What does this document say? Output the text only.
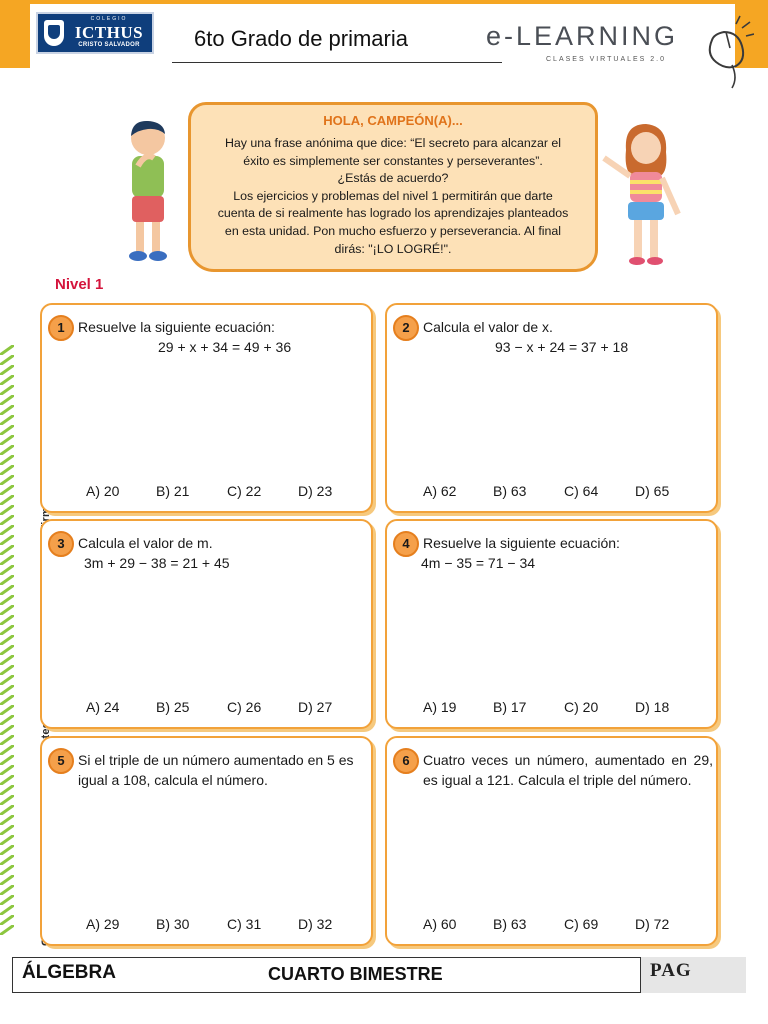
COLEGIO
ICTHUS
CRISTO SALVADOR	6to Grado de primaria	e-LEARNING
CLASES VIRTUALES 2.0
HOLA, CAMPEÓN(A)...
Hay una frase anónima que dice: “El secreto para alcanzar el
éxito es simplemente ser constantes y perseverantes”.
¿Estás de acuerdo?
Los ejercicios y problemas del nivel 1 permitirán que darte
cuenta de si realmente has logrado los aprendizajes planteados
en esta unidad. Pon mucho esfuerzo y perseverancia. Al final
dirás: "¡LO LOGRÉ!".
Nivel 1
1 Resuelve la siguiente ecuación:
29 + x + 34 = 49 + 36
A) 20	B) 21	C) 22	D) 23
2 Calcula el valor de x.
93 − x + 24 = 37 + 18
A) 62	B) 63	C) 64	D) 65
3 Calcula el valor de m.
3m + 29 − 38 = 21 + 45
A) 24	B) 25	C) 26	D) 27
4 Resuelve la siguiente ecuación:
4m − 35 = 71 − 34
A) 19	B) 17	C) 20	D) 18
5 Si el triple de un número aumentado en 5 es igual a 108, calcula el número.
A) 29	B) 30	C) 31	D) 32
6 Cuatro veces un número, aumentado en 29, es igual a 121. Calcula el triple del número.
A) 60	B) 63	C) 69	D) 72
ÁLGEBRA	CUARTO BIMESTRE	PAG
